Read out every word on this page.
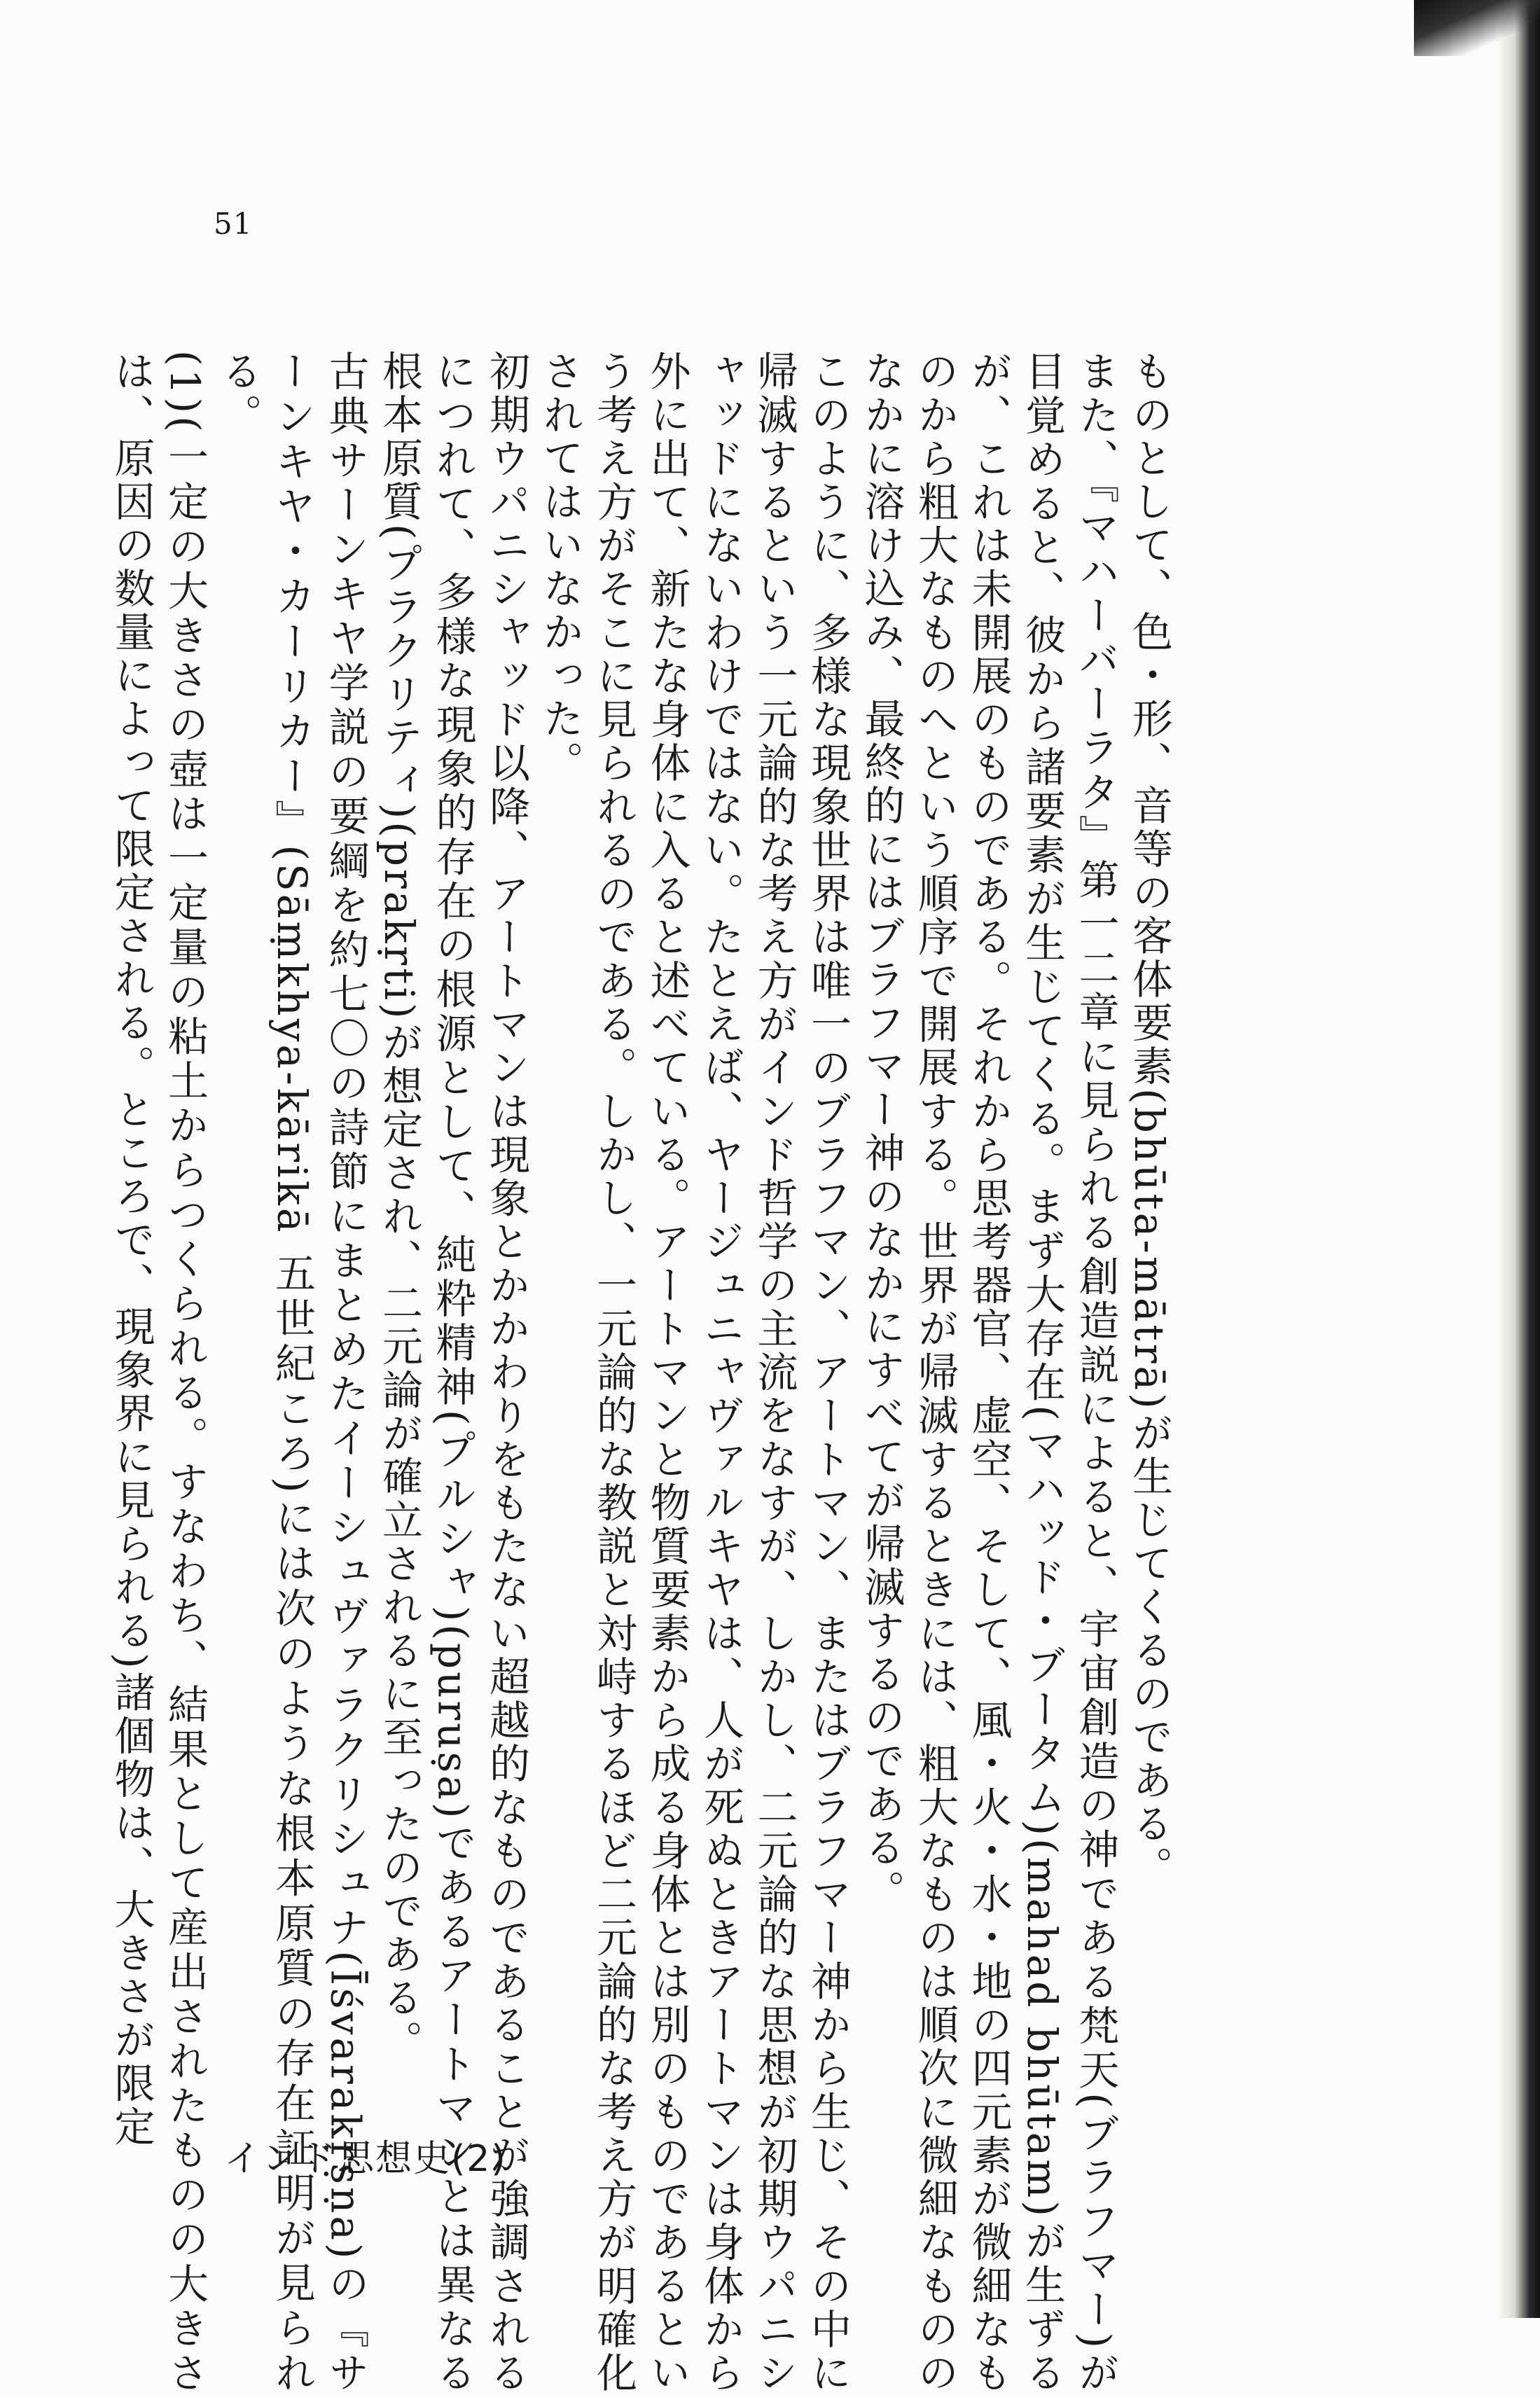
51

ものとして、色・形、音等の客体要素(bhūta-mātrā)が生じてくるのである。

また、『マハーバーラタ』第一二章に見られる創造説によると、宇宙創造の神である梵天(ブラフマー)が目覚めると、彼から諸要素が生じてくる。まず大存在(マハッド・ブータム)(mahad bhūtam)が生ずるが、これは未開展のものである。それから思考器官、虚空、そして、風・火・水・地の四元素が微細なものから粗大なものへという順序で開展する。世界が帰滅するときには、粗大なものは順次に微細なもののなかに溶け込み、最終的にはブラフマー神のなかにすべてが帰滅するのである。

このように、多様な現象世界は唯一のブラフマン、アートマン、またはブラフマー神から生じ、その中に帰滅するという一元論的な考え方がインド哲学の主流をなすが、しかし、二元論的な思想が初期ウパニシャッドにないわけではない。たとえば、ヤージュニャヴァルキヤは、人が死ぬときアートマンは身体から外に出て、新たな身体に入ると述べている。アートマンと物質要素から成る身体とは別のものであるという考え方がそこに見られるのである。しかし、一元論的な教説と対峙するほど二元論的な考え方が明確化されてはいなかった。

初期ウパニシャッド以降、アートマンは現象とかかわりをもたない超越的なものであることが強調されるにつれて、多様な現象的存在の根源として、純粋精神(プルシャ)(puruṣa)であるアートマンとは異なる根本原質(プラクリティ)(prakṛti)が想定され、二元論が確立されるに至ったのである。

古典サーンキヤ学説の要綱を約七〇の詩節にまとめたイーシュヴァラクリシュナ(Īśvarakṛṣṇa)の『サーンキヤ・カーリカー』(Sāṃkhya-kārikā 五世紀ころ)には次のような根本原質の存在証明が見られる。

(1)(一定の大きさの壺は一定量の粘土からつくられる。すなわち、結果として産出されたものの大きさは、原因の数量によって限定される。ところで、現象界に見られる)諸個物は、大きさが限定

インド思想史(2)
